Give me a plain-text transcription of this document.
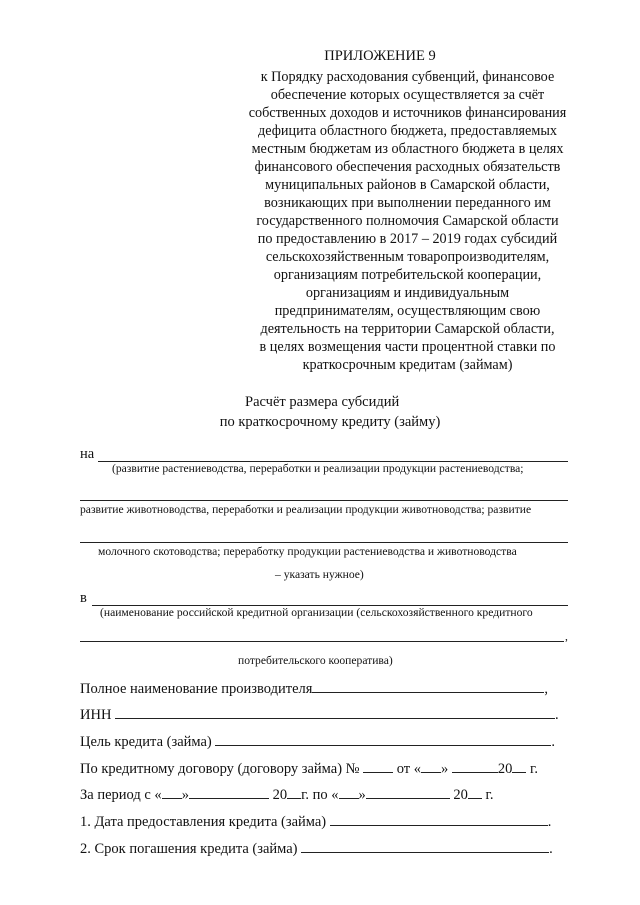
ПРИЛОЖЕНИЕ 9
к Порядку расходования субвенций, финансовое
обеспечение которых осуществляется за счёт
собственных доходов и источников финансирования
дефицита областного бюджета, предоставляемых
местным бюджетам из областного бюджета в целях
финансового обеспечения расходных обязательств
муниципальных районов в Самарской области,
возникающих при выполнении переданного им
государственного полномочия Самарской области
по предоставлению в 2017 – 2019 годах субсидий
сельскохозяйственным товаропроизводителям,
организациям потребительской кооперации,
организациям и индивидуальным
предпринимателям, осуществляющим свою
деятельность на территории Самарской области,
в целях возмещения части процентной ставки по
краткосрочным кредитам (займам)
Расчёт размера субсидий
по краткосрочному кредиту (займу)
на
(развитие растениеводства, переработки и реализации продукции растениеводства;
развитие животноводства, переработки и реализации продукции животноводства; развитие
молочного скотоводства; переработку продукции растениеводства и животноводства
– указать нужное)
в
(наименование российской кредитной организации (сельскохозяйственного кредитного
,
потребительского кооператива)
Полное наименование производителя	,
ИНН	.
Цель кредита (займа)	.
По кредитному договору (договору займа) №	от « »	20 г.
За период с « »	20 г. по « »	20 г.
1. Дата предоставления кредита (займа)	.
2. Срок погашения кредита (займа)	.
